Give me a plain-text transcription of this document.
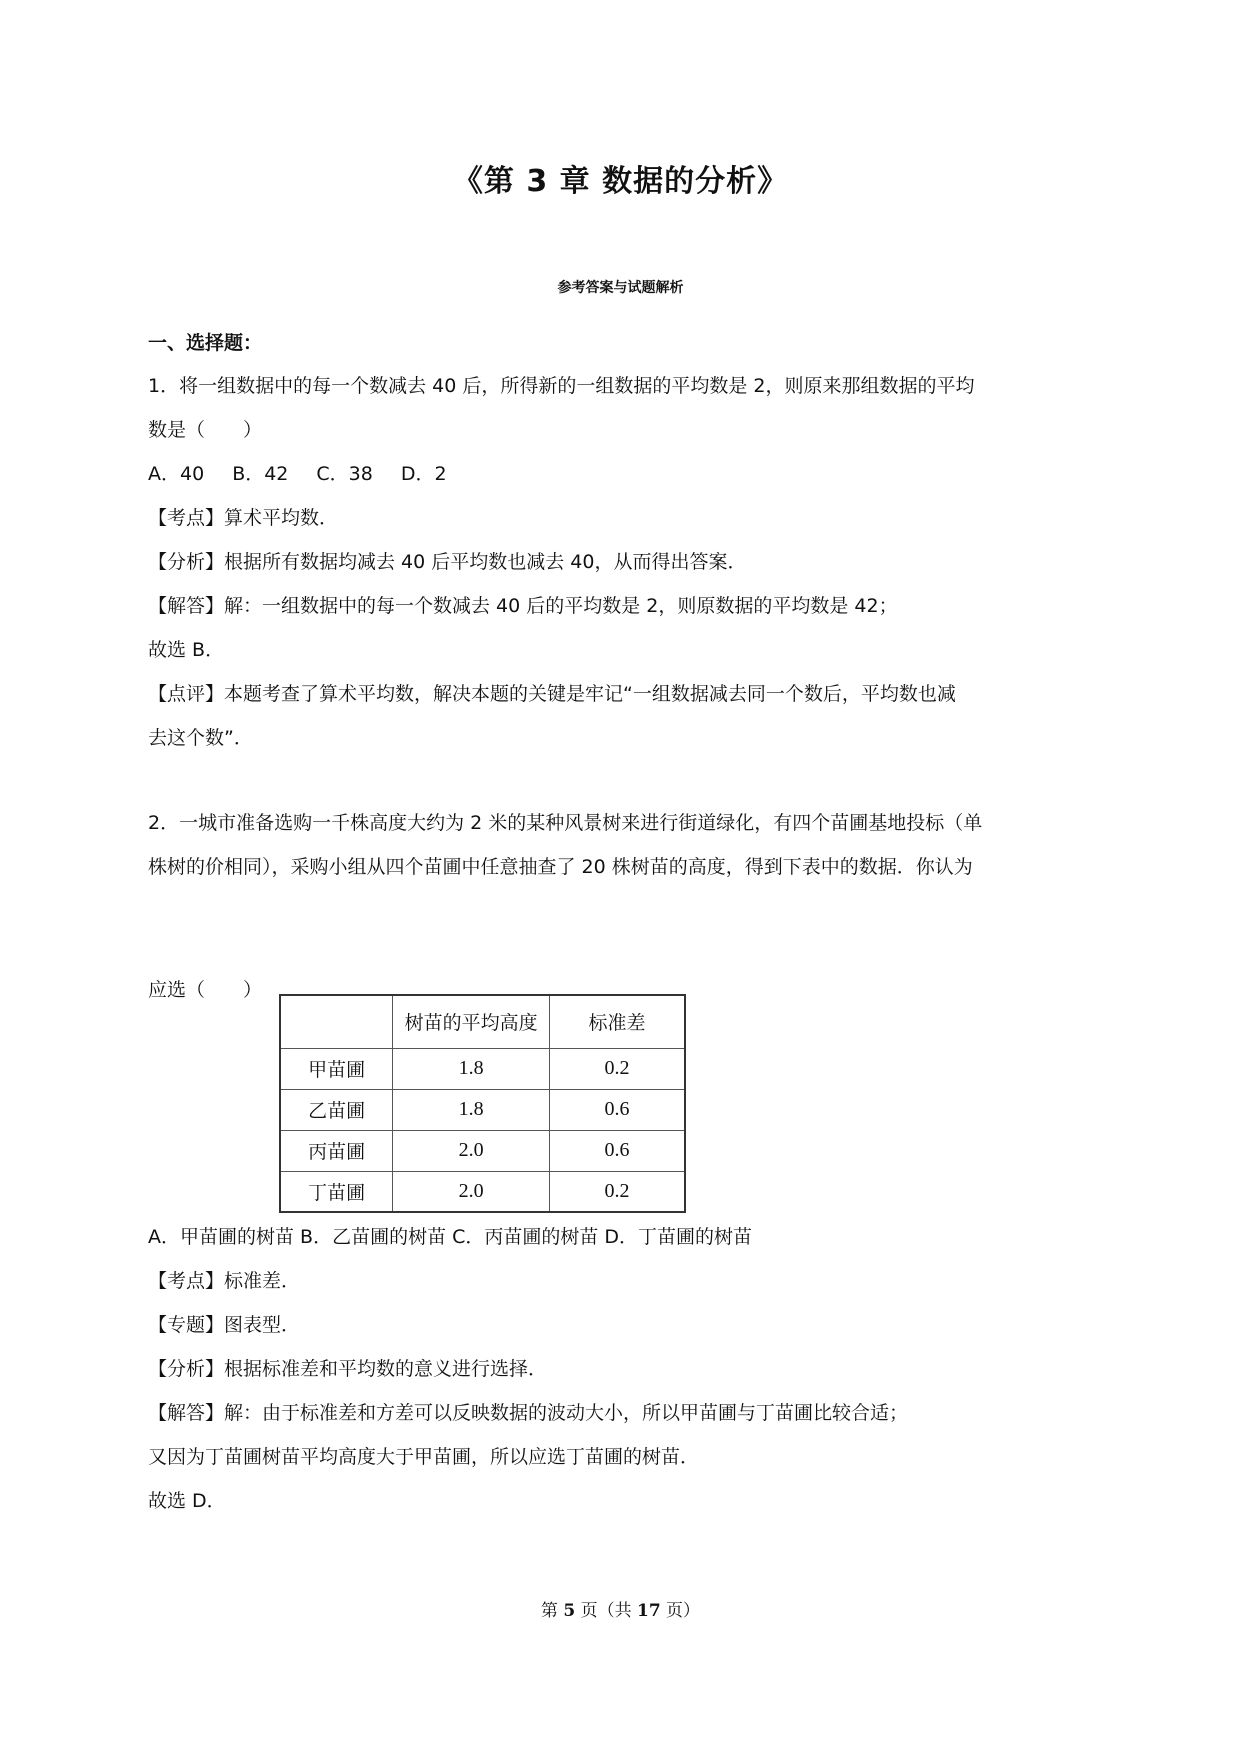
《第 3 章 数据的分析》
参考答案与试题解析
一、选择题：
1．将一组数据中的每一个数减去 40 后，所得新的一组数据的平均数是 2，则原来那组数据的平均
数是（　　）
A．40 B．42 C．38 D．2
【考点】算术平均数．
【分析】根据所有数据均减去 40 后平均数也减去 40，从而得出答案．
【解答】解：一组数据中的每一个数减去 40 后的平均数是 2，则原数据的平均数是 42；
故选 B．
【点评】本题考查了算术平均数，解决本题的关键是牢记“一组数据减去同一个数后，平均数也减
去这个数”．
2．一城市准备选购一千株高度大约为 2 米的某种风景树来进行街道绿化，有四个苗圃基地投标（单
株树的价相同），采购小组从四个苗圃中任意抽查了 20 株树苗的高度，得到下表中的数据．你认为
应选（　　）
	树苗的平均高度	标准差
甲苗圃	1.8	0.2
乙苗圃	1.8	0.6
丙苗圃	2.0	0.6
丁苗圃	2.0	0.2
A．甲苗圃的树苗 B．乙苗圃的树苗 C．丙苗圃的树苗 D．丁苗圃的树苗
【考点】标准差．
【专题】图表型．
【分析】根据标准差和平均数的意义进行选择．
【解答】解：由于标准差和方差可以反映数据的波动大小，所以甲苗圃与丁苗圃比较合适；
又因为丁苗圃树苗平均高度大于甲苗圃，所以应选丁苗圃的树苗．
故选 D．
第 5 页（共 17 页）
